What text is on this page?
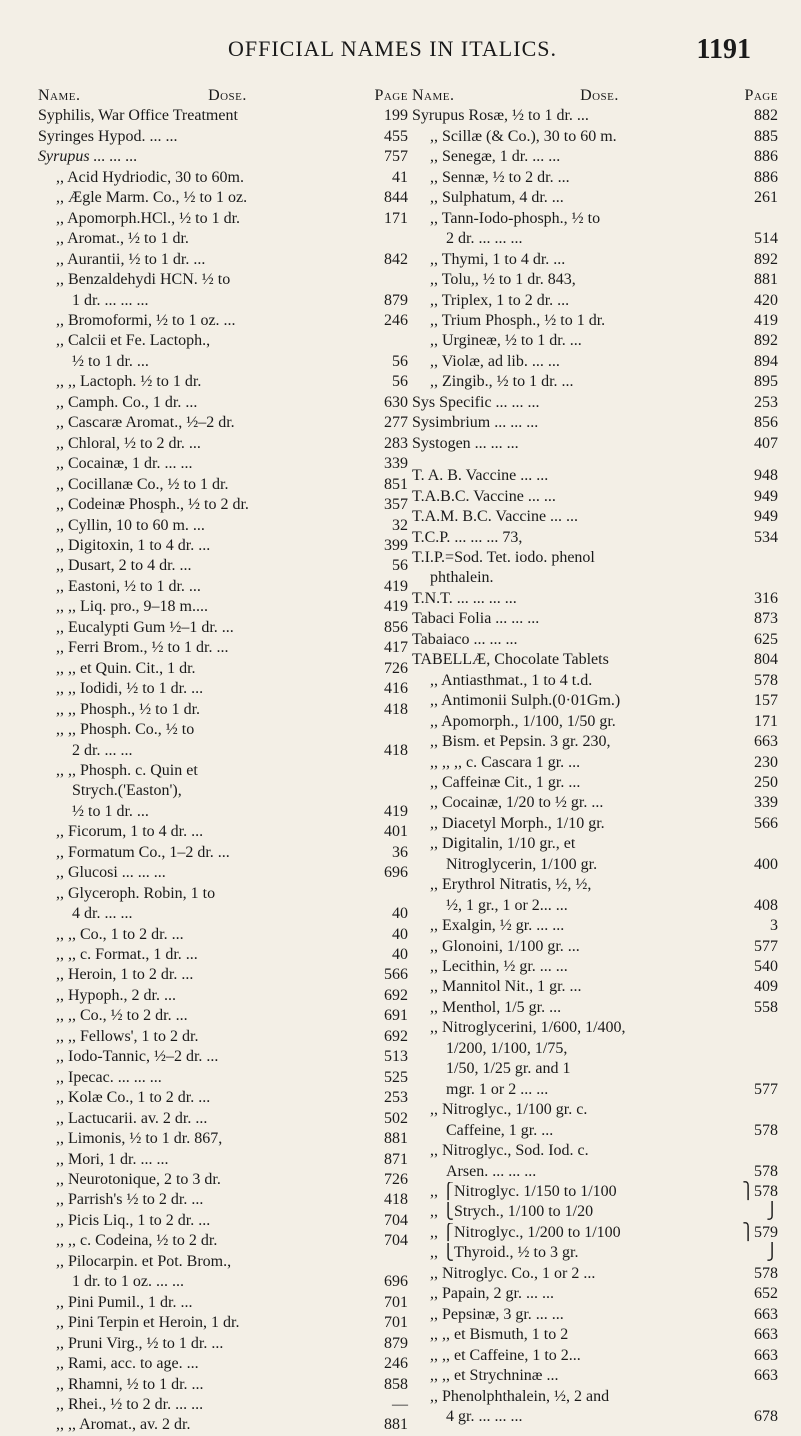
OFFICIAL NAMES IN ITALICS.	1191
Name.	Dose.	Page
Syphilis, War Office Treatment	199
Syringes Hypod. ... ...	455
Syrupus ... ... ...	757
,, Acid Hydriodic, 30 to 60m.	41
,, Ægle Marm. Co., ½ to 1 oz.	844
,, Apomorph.HCl., ½ to 1 dr.	171
,, Aromat., ½ to 1 dr.
,, Aurantii, ½ to 1 dr. ...	842
,, Benzaldehydi HCN. ½ to
1 dr. ... ... ...	879
,, Bromoformi, ½ to 1 oz. ...	246
,, Calcii et Fe. Lactoph.,
½ to 1 dr. ...	56
,, ,, Lactoph. ½ to 1 dr.	56
,, Camph. Co., 1 dr. ...	630
,, Cascaræ Aromat., ½–2 dr.	277
,, Chloral, ½ to 2 dr. ...	283
,, Cocainæ, 1 dr. ... ...	339
,, Cocillanæ Co., ½ to 1 dr.	851
,, Codeinæ Phosph., ½ to 2 dr.	357
,, Cyllin, 10 to 60 m. ...	32
,, Digitoxin, 1 to 4 dr. ...	399
,, Dusart, 2 to 4 dr. ...	56
,, Eastoni, ½ to 1 dr. ...	419
,, ,, Liq. pro., 9–18 m....	419
,, Eucalypti Gum ½–1 dr. ...	856
,, Ferri Brom., ½ to 1 dr. ...	417
,, ,, et Quin. Cit., 1 dr.	726
,, ,, Iodidi, ½ to 1 dr. ...	416
,, ,, Phosph., ½ to 1 dr.	418
,, ,, Phosph. Co., ½ to
2 dr. ... ...	418
,, ,, Phosph. c. Quin et
Strych.('Easton'),
½ to 1 dr. ...	419
,, Ficorum, 1 to 4 dr. ...	401
,, Formatum Co., 1–2 dr. ...	36
,, Glucosi ... ... ...	696
,, Glyceroph. Robin, 1 to
4 dr. ... ...	40
,, ,, Co., 1 to 2 dr. ...	40
,, ,, c. Format., 1 dr. ...	40
,, Heroin, 1 to 2 dr. ...	566
,, Hypoph., 2 dr. ...	692
,, ,, Co., ½ to 2 dr. ...	691
,, ,, Fellows', 1 to 2 dr.	692
,, Iodo-Tannic, ½–2 dr. ...	513
,, Ipecac. ... ... ...	525
,, Kolæ Co., 1 to 2 dr. ...	253
,, Lactucarii. av. 2 dr. ...	502
,, Limonis, ½ to 1 dr. 867,	881
,, Mori, 1 dr. ... ...	871
,, Neurotonique, 2 to 3 dr.	726
,, Parrish's ½ to 2 dr. ...	418
,, Picis Liq., 1 to 2 dr. ...	704
,, ,, c. Codeina, ½ to 2 dr.	704
,, Pilocarpin. et Pot. Brom.,
1 dr. to 1 oz. ... ...	696
,, Pini Pumil., 1 dr. ...	701
,, Pini Terpin et Heroin, 1 dr.	701
,, Pruni Virg., ½ to 1 dr. ...	879
,, Rami, acc. to age. ...	246
,, Rhamni, ½ to 1 dr. ...	858
,, Rhei., ½ to 2 dr. ... ...	—
,, ,, Aromat., av. 2 dr.	881
Name.	Dose.	Page
Syrupus Rosæ, ½ to 1 dr. ...	882
,, Scillæ (& Co.), 30 to 60 m.	885
,, Senegæ, 1 dr. ... ...	886
,, Sennæ, ½ to 2 dr. ...	886
,, Sulphatum, 4 dr. ...	261
,, Tann-Iodo-phosph., ½ to
2 dr. ... ... ...	514
,, Thymi, 1 to 4 dr. ...	892
,, Tolu,, ½ to 1 dr. 843,	881
,, Triplex, 1 to 2 dr. ...	420
,, Trium Phosph., ½ to 1 dr.	419
,, Urgineæ, ½ to 1 dr. ...	892
,, Violæ, ad lib. ... ...	894
,, Zingib., ½ to 1 dr. ...	895
Sys Specific ... ... ...	253
Sysimbrium ... ... ...	856
Systogen ... ... ...	407
T. A. B. Vaccine ... ...	948
T.A.B.C. Vaccine ... ...	949
T.A.M. B.C. Vaccine ... ...	949
T.C.P. ... ... ... 73,	534
T.I.P.=Sod. Tet. iodo. phenol
phthalein.
T.N.T. ... ... ... ...	316
Tabaci Folia ... ... ...	873
Tabaiaco ... ... ...	625
TABELLÆ, Chocolate Tablets	804
,, Antiasthmat., 1 to 4 t.d.	578
,, Antimonii Sulph.(0·01Gm.)	157
,, Apomorph., 1/100, 1/50 gr.	171
,, Bism. et Pepsin. 3 gr. 230,	663
,, ,, ,, c. Cascara 1 gr. ...	230
,, Caffeinæ Cit., 1 gr. ...	250
,, Cocainæ, 1/20 to ½ gr. ...	339
,, Diacetyl Morph., 1/10 gr.	566
,, Digitalin, 1/10 gr., et
Nitroglycerin, 1/100 gr.	400
,, Erythrol Nitratis, ½, ½,
½, 1 gr., 1 or 2... ...	408
,, Exalgin, ½ gr. ... ...	3
,, Glonoini, 1/100 gr. ...	577
,, Lecithin, ½ gr. ... ...	540
,, Mannitol Nit., 1 gr. ...	409
,, Menthol, 1/5 gr. ...	558
,, Nitroglycerini, 1/600, 1/400,
1/200, 1/100, 1/75,
1/50, 1/25 gr. and 1
mgr. 1 or 2 ... ...	577
,, Nitroglyc., 1/100 gr. c.
Caffeine, 1 gr. ...	578
,, Nitroglyc., Sod. Iod. c.
Arsen. ... ... ...	578
,, ⎧Nitroglyc. 1/150 to 1/100	⎫578
,, ⎩Strych., 1/100 to 1/20	⎭
,, ⎧Nitroglyc., 1/200 to 1/100	⎫579
,, ⎩Thyroid., ½ to 3 gr.	⎭
,, Nitroglyc. Co., 1 or 2 ...	578
,, Papain, 2 gr. ... ...	652
,, Pepsinæ, 3 gr. ... ...	663
,, ,, et Bismuth, 1 to 2	663
,, ,, et Caffeine, 1 to 2...	663
,, ,, et Strychninæ ...	663
,, Phenolphthalein, ½, 2 and
4 gr. ... ... ...	678
